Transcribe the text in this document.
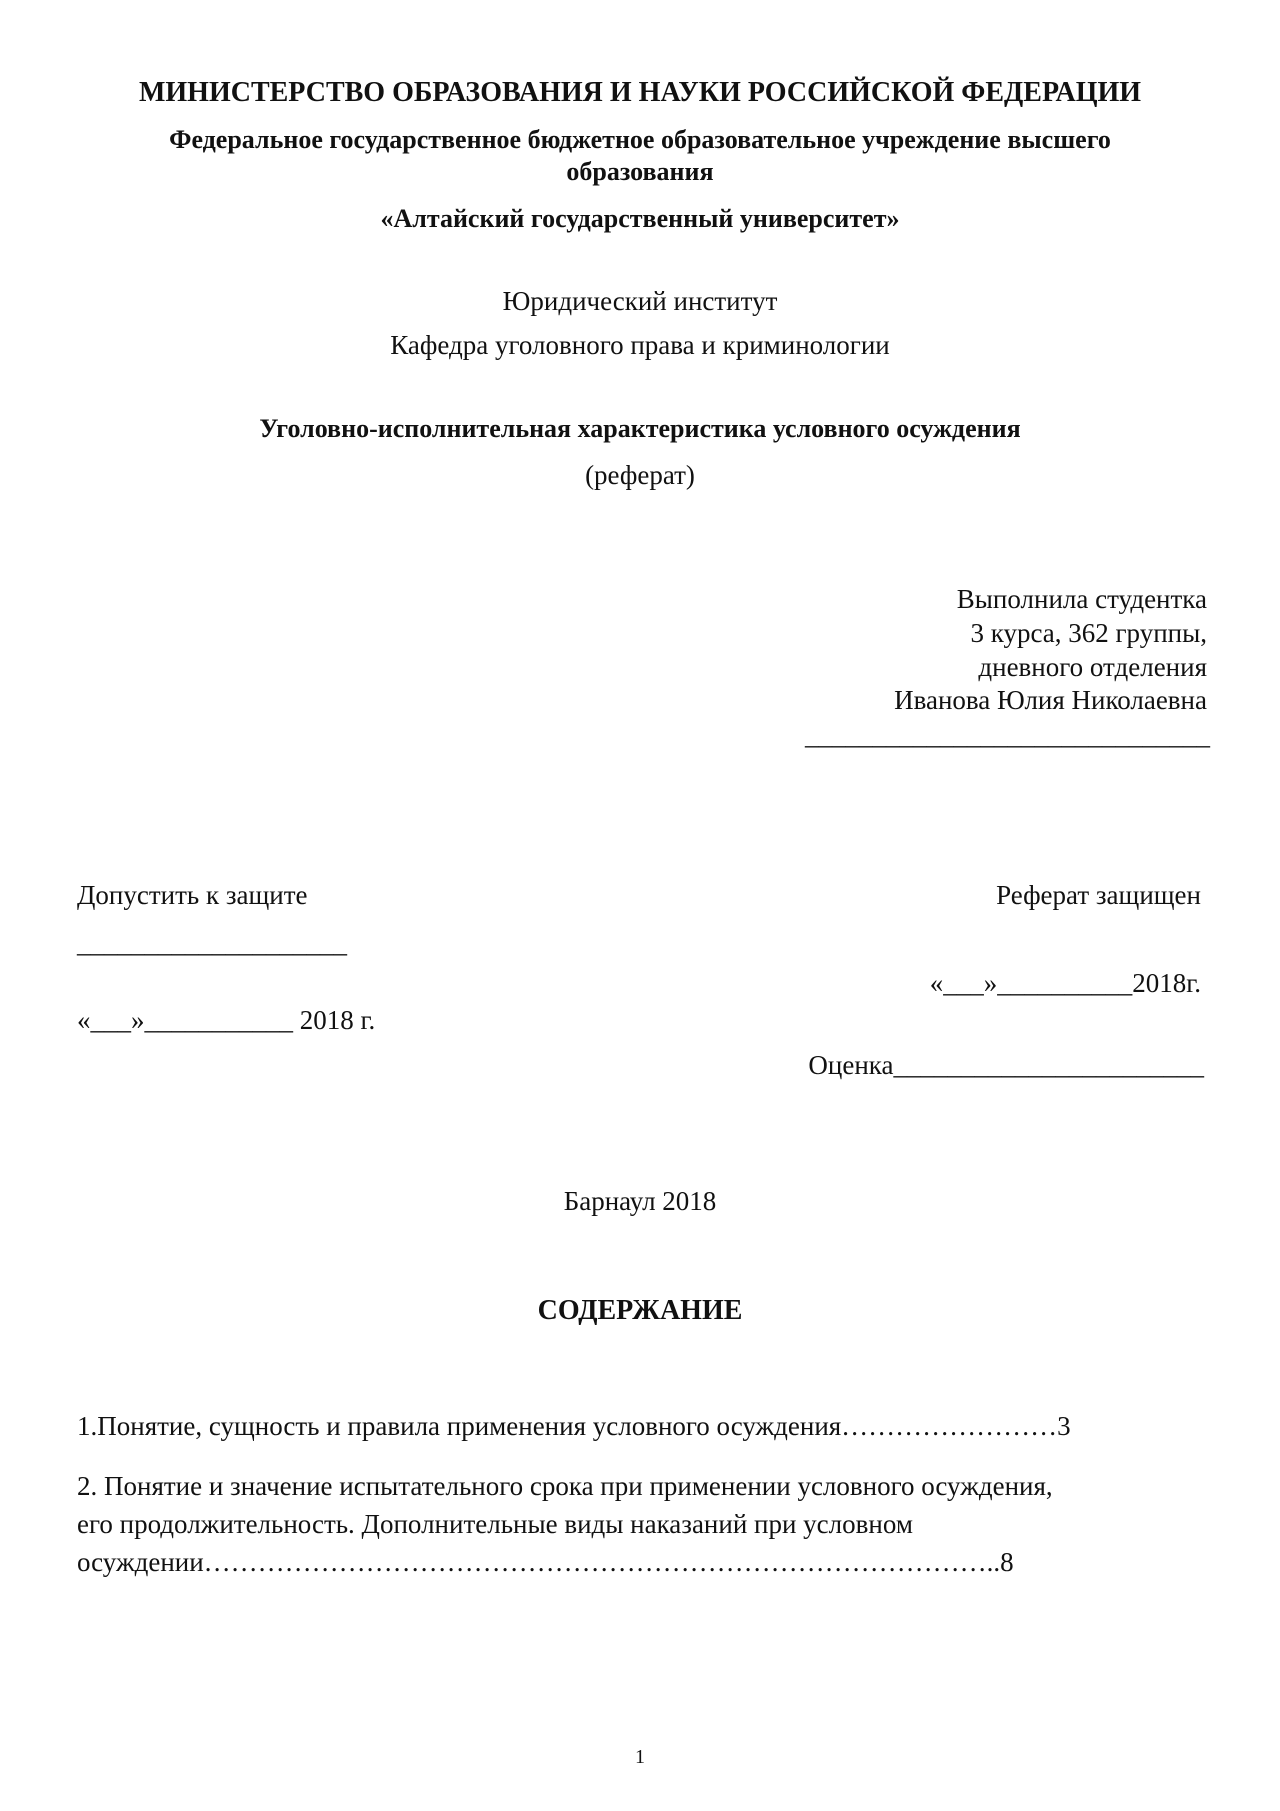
МИНИСТЕРСТВО ОБРАЗОВАНИЯ И НАУКИ РОССИЙСКОЙ ФЕДЕРАЦИИ
Федеральное государственное бюджетное образовательное учреждение высшего
образования
«Алтайский государственный университет»
Юридический институт
Кафедра уголовного права и криминологии
Уголовно-исполнительная характеристика условного осуждения
(реферат)
Выполнила студентка
3 курса, 362 группы,
дневного отделения
Иванова Юлия Николаевна
______________________________
Допустить к защите
____________________
«___»___________ 2018 г.
Реферат защищен
«___»__________2018г.
Оценка_______________________
Барнаул 2018
СОДЕРЖАНИЕ
1.Понятие, сущность и правила применения условного осуждения……………………3
2. Понятие и значение испытательного срока при применении условного осуждения,
его продолжительность. Дополнительные виды наказаний при условном
осуждении……………………………………………………………………………..8
1
